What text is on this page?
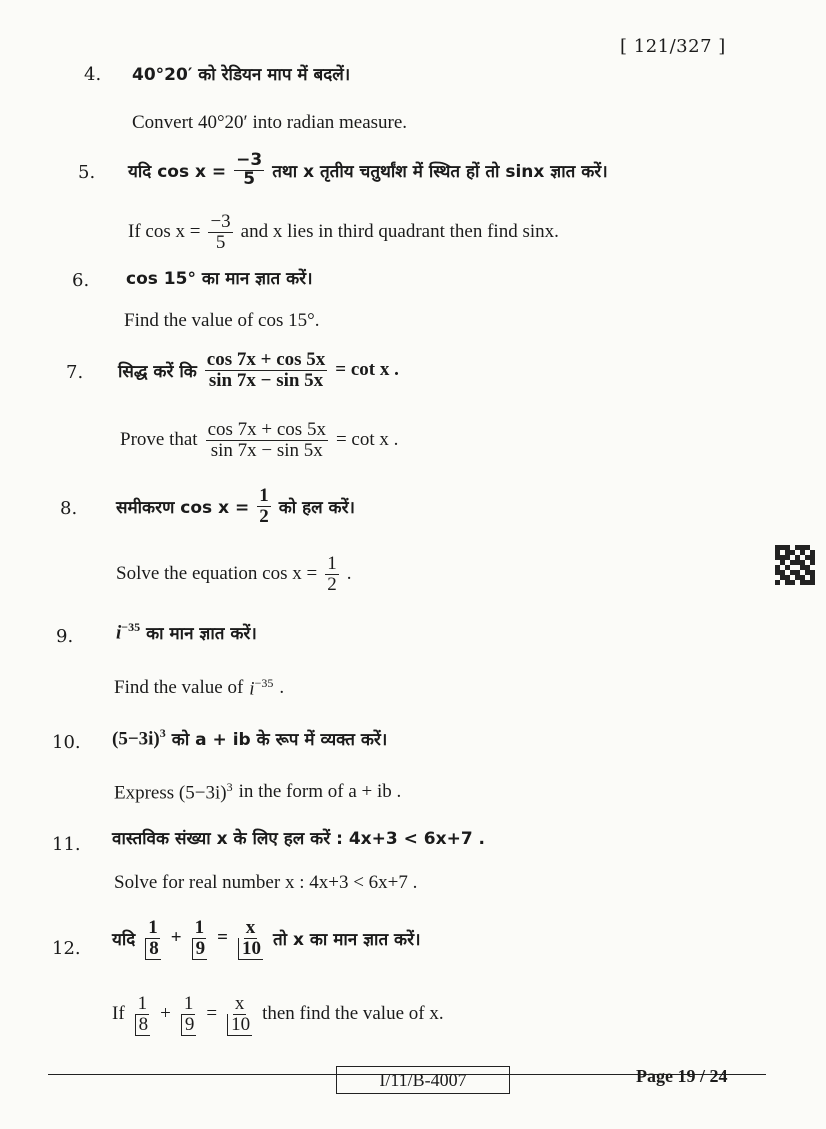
[ 121/327 ]
4. 40°20′ को रेडियन माप में बदलें।
Convert 40°20′ into radian measure.
5. यदि $\cos x = \frac{-3}{5}$ तथा x तृतीय चतुर्थांश में स्थित हों तो sinx ज्ञात करें।
If $\cos x = \frac{-3}{5}$ and x lies in third quadrant then find sinx.
6. cos 15° का मान ज्ञात करें।
Find the value of cos 15°.
7. सिद्ध करें कि $\frac{\cos 7x + \cos 5x}{\sin 7x - \sin 5x} = \cot x$ .
Prove that $\frac{\cos 7x + \cos 5x}{\sin 7x - \sin 5x} = \cot x$ .
8. समीकरण $\cos x = \frac{1}{2}$ को हल करें।
Solve the equation $\cos x = \frac{1}{2}$ .
9. $i^{-35}$ का मान ज्ञात करें।
Find the value of $i^{-35}$ .
10. $(5-3i)^3$ को a + ib के रूप में व्यक्त करें।
Express $(5-3i)^3$ in the form of a + ib .
11. वास्तविक संख्या x के लिए हल करें : 4x+3 < 6x+7 .
Solve for real number x : 4x+3 < 6x+7 .
12. यदि $\frac{1}{8} + \frac{1}{9} = \frac{x}{10}$ तो x का मान ज्ञात करें।
If $\frac{1}{8} + \frac{1}{9} = \frac{x}{10}$ then find the value of x.
I/11/B-4007	Page 19 / 24
